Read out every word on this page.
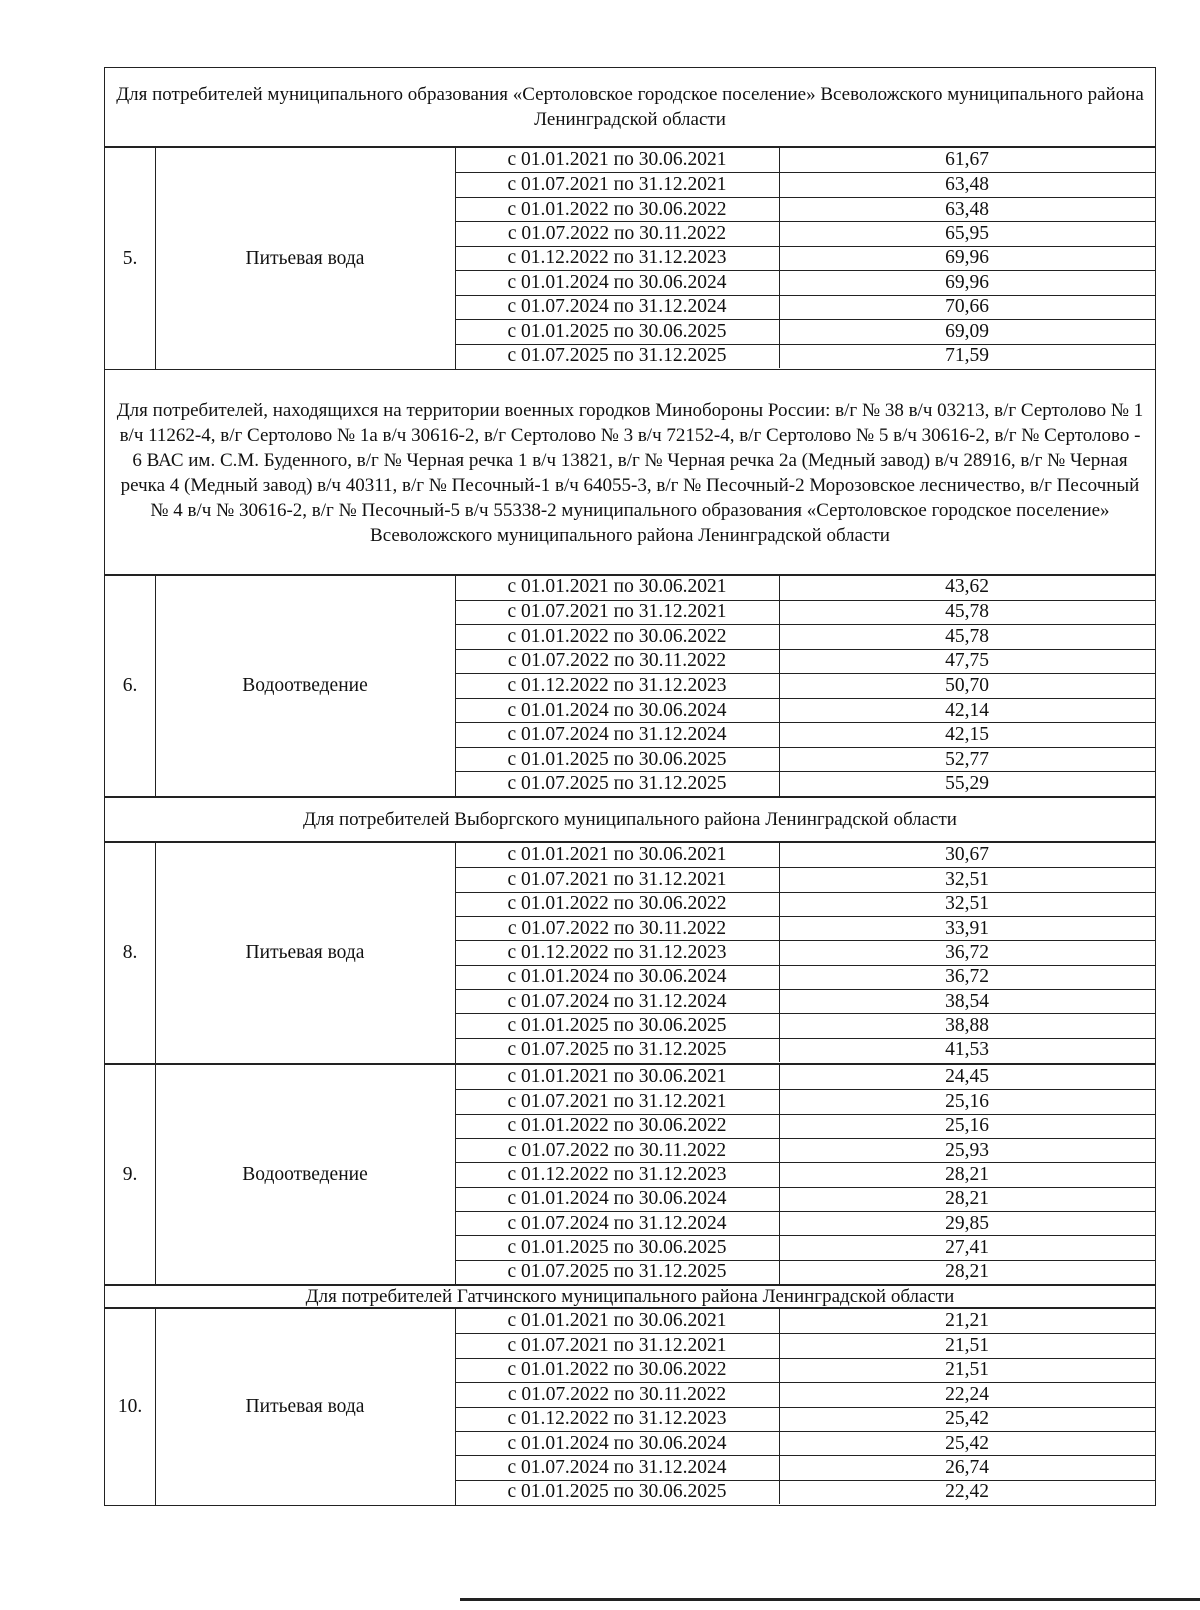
Для потребителей муниципального образования «Сертоловское городское поселение» Всеволожского муниципального района Ленинградской области
5.	Питьевая вода
с 01.01.2021 по 30.06.2021	61,67
с 01.07.2021 по 31.12.2021	63,48
с 01.01.2022 по 30.06.2022	63,48
с 01.07.2022 по 30.11.2022	65,95
с 01.12.2022 по 31.12.2023	69,96
с 01.01.2024 по 30.06.2024	69,96
с 01.07.2024 по 31.12.2024	70,66
с 01.01.2025 по 30.06.2025	69,09
с 01.07.2025 по 31.12.2025	71,59
Для потребителей, находящихся на территории военных городков Минобороны России: в/г № 38 в/ч 03213, в/г Сертолово № 1 в/ч 11262-4, в/г Сертолово № 1а в/ч 30616-2, в/г Сертолово № 3 в/ч 72152-4, в/г Сертолово № 5 в/ч 30616-2, в/г № Сертолово - 6 ВАС им. С.М. Буденного, в/г № Черная речка 1 в/ч 13821, в/г № Черная речка 2а (Медный завод) в/ч 28916, в/г № Черная речка 4 (Медный завод) в/ч 40311, в/г № Песочный-1 в/ч 64055-3, в/г № Песочный-2 Морозовское лесничество, в/г Песочный № 4 в/ч № 30616-2, в/г № Песочный-5 в/ч 55338-2 муниципального образования «Сертоловское городское поселение» Всеволожского муниципального района Ленинградской области
6.	Водоотведение
с 01.01.2021 по 30.06.2021	43,62
с 01.07.2021 по 31.12.2021	45,78
с 01.01.2022 по 30.06.2022	45,78
с 01.07.2022 по 30.11.2022	47,75
с 01.12.2022 по 31.12.2023	50,70
с 01.01.2024 по 30.06.2024	42,14
с 01.07.2024 по 31.12.2024	42,15
с 01.01.2025 по 30.06.2025	52,77
с 01.07.2025 по 31.12.2025	55,29
Для потребителей Выборгского муниципального района Ленинградской области
8.	Питьевая вода
с 01.01.2021 по 30.06.2021	30,67
с 01.07.2021 по 31.12.2021	32,51
с 01.01.2022 по 30.06.2022	32,51
с 01.07.2022 по 30.11.2022	33,91
с 01.12.2022 по 31.12.2023	36,72
с 01.01.2024 по 30.06.2024	36,72
с 01.07.2024 по 31.12.2024	38,54
с 01.01.2025 по 30.06.2025	38,88
с 01.07.2025 по 31.12.2025	41,53
9.	Водоотведение
с 01.01.2021 по 30.06.2021	24,45
с 01.07.2021 по 31.12.2021	25,16
с 01.01.2022 по 30.06.2022	25,16
с 01.07.2022 по 30.11.2022	25,93
с 01.12.2022 по 31.12.2023	28,21
с 01.01.2024 по 30.06.2024	28,21
с 01.07.2024 по 31.12.2024	29,85
с 01.01.2025 по 30.06.2025	27,41
с 01.07.2025 по 31.12.2025	28,21
Для потребителей Гатчинского муниципального района Ленинградской области
10.	Питьевая вода
с 01.01.2021 по 30.06.2021	21,21
с 01.07.2021 по 31.12.2021	21,51
с 01.01.2022 по 30.06.2022	21,51
с 01.07.2022 по 30.11.2022	22,24
с 01.12.2022 по 31.12.2023	25,42
с 01.01.2024 по 30.06.2024	25,42
с 01.07.2024 по 31.12.2024	26,74
с 01.01.2025 по 30.06.2025	22,42
